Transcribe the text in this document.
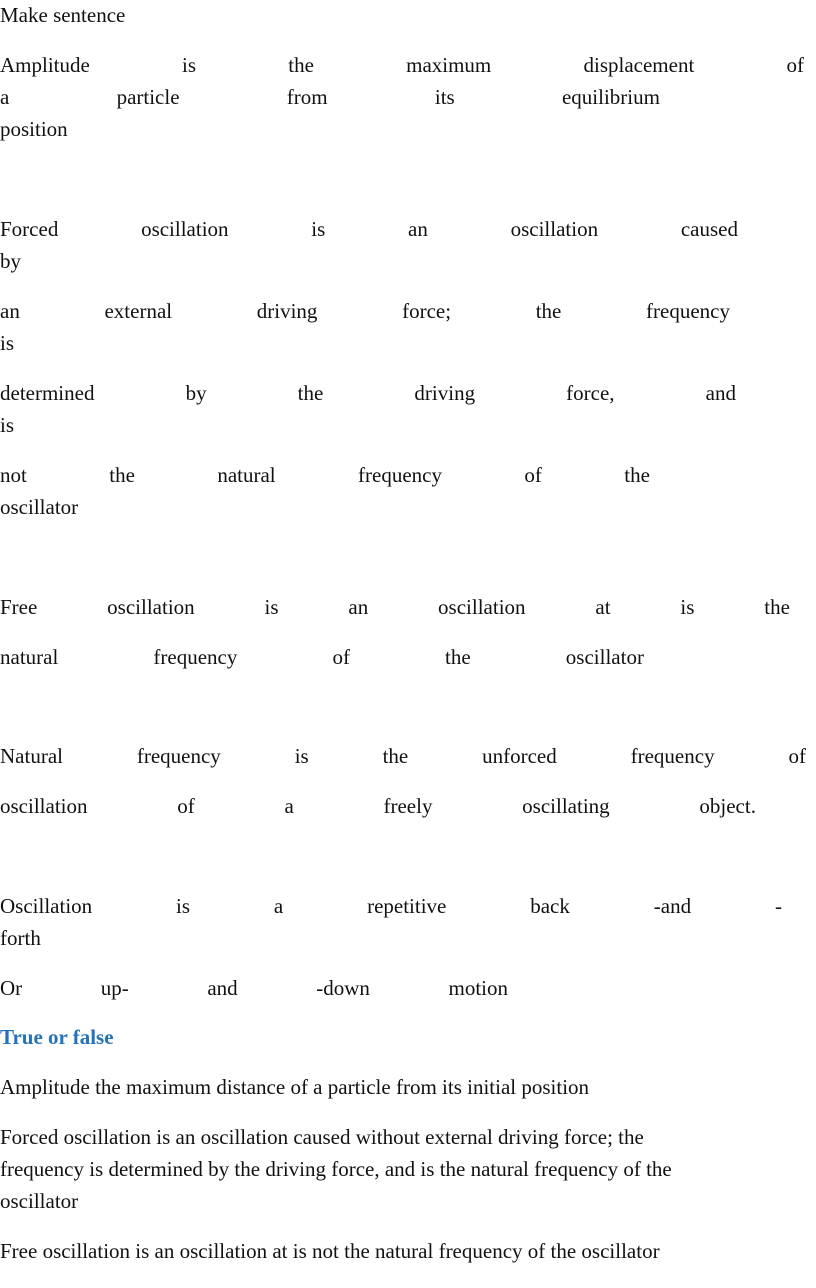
Make sentence
Amplitude	is	the	maximum	displacement	of
a	particle	from	its	equilibrium
position
Forced	oscillation	is	an	oscillation	caused
by
an	external	driving	force;	the	frequency
is
determined	by	the	driving	force,	and
is
not	the	natural	frequency	of	the
oscillator
Free	oscillation	is	an	oscillation	at	is	the
natural	frequency	of	the	oscillator
Natural	frequency	is	the	unforced	frequency	of
oscillation	of	a	freely	oscillating	object.
Oscillation	is	a	repetitive	back	-and	-
forth
Or	up-	and	-down	motion
True or false
Amplitude the maximum distance of a particle from its initial position
Forced oscillation is an oscillation caused without external driving force; the
frequency is determined by the driving force, and is the natural frequency of the
oscillator
Free oscillation is an oscillation at is not the natural frequency of the oscillator
